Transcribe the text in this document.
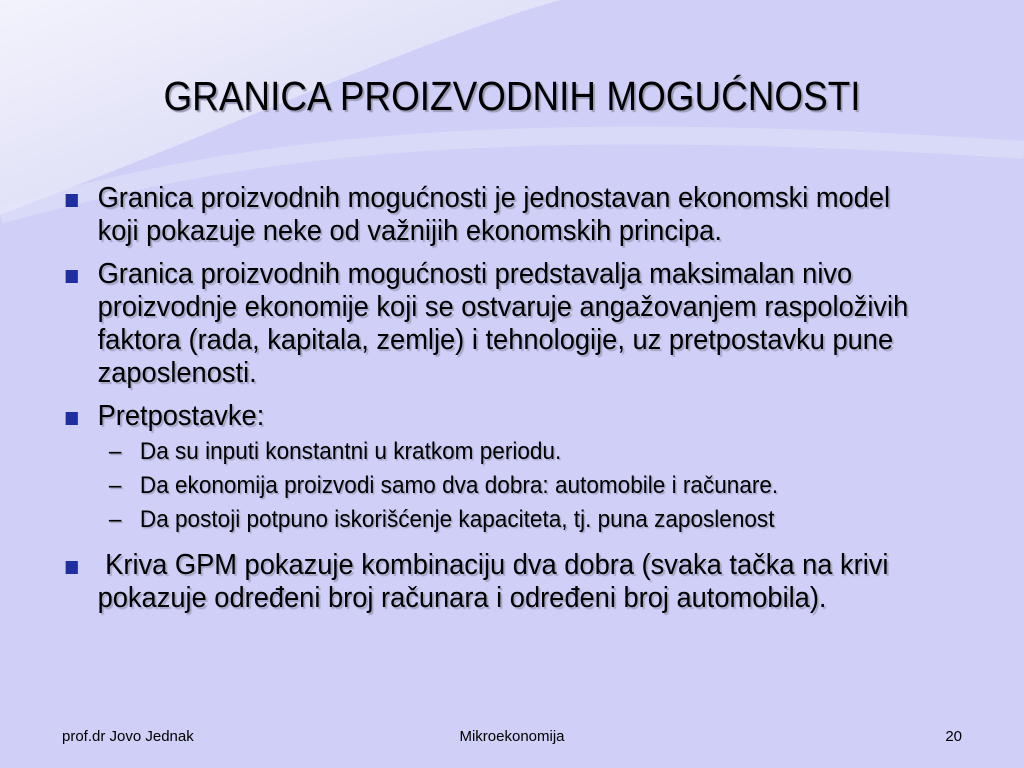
GRANICA PROIZVODNIH MOGUĆNOSTI
Granica proizvodnih mogućnosti je jednostavan ekonomski model koji pokazuje neke od važnijih ekonomskih principa.
Granica proizvodnih mogućnosti predstavalja maksimalan nivo proizvodnje ekonomije koji se ostvaruje angažovanjem raspoloživih faktora (rada, kapitala, zemlje) i tehnologije, uz pretpostavku pune zaposlenosti.
Pretpostavke:
– Da su inputi konstantni u kratkom periodu.
– Da ekonomija proizvodi samo dva dobra: automobile i računare.
– Da postoji potpuno iskorišćenje kapaciteta, tj. puna zaposlenost
Kriva GPM pokazuje kombinaciju dva dobra (svaka tačka na krivi pokazuje određeni broj računara i određeni broj automobila).
prof.dr Jovo Jednak	Mikroekonomija	20
